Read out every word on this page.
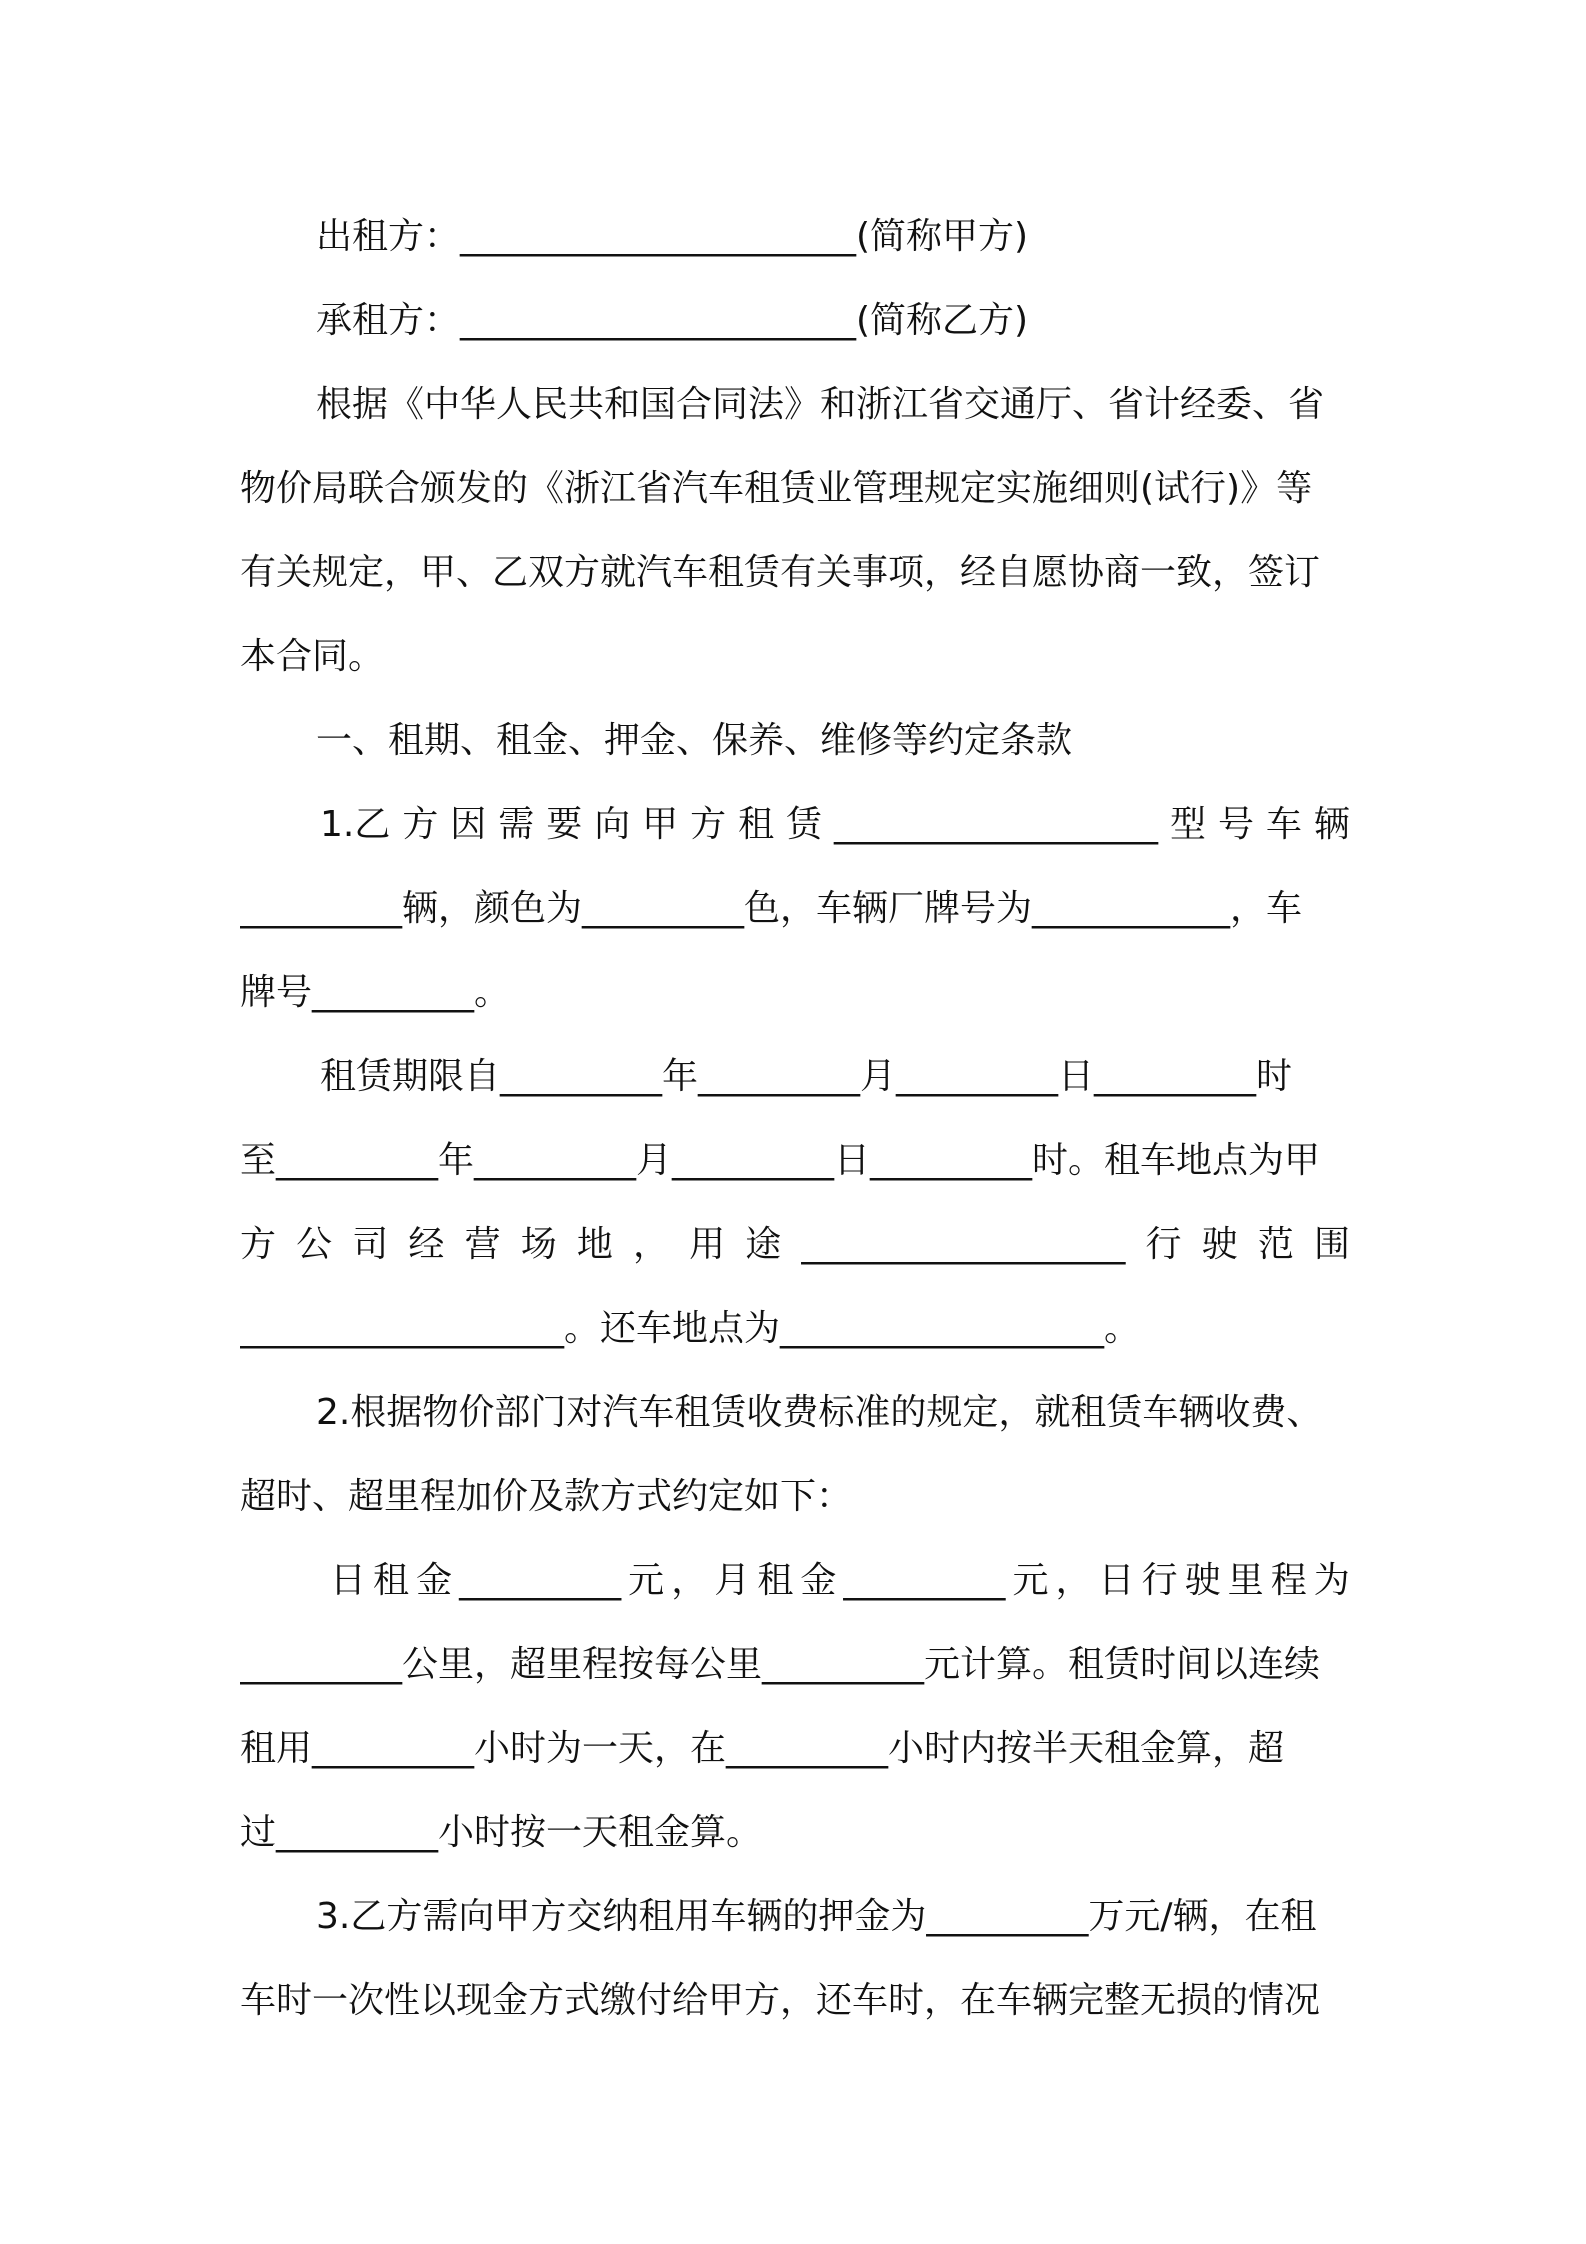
出租方：______________________(简称甲方)
承租方：______________________(简称乙方)
根据《中华人民共和国合同法》和浙江省交通厅、省计经委、省
物价局联合颁发的《浙江省汽车租赁业管理规定实施细则(试行)》等
有关规定，甲、乙双方就汽车租赁有关事项，经自愿协商一致，签订
本合同。
一、租期、租金、押金、保养、维修等约定条款
1.乙 方 因 需 要 向 甲 方 租 赁 __________________ 型 号 车 辆
_________辆，颜色为_________色，车辆厂牌号为___________，车
牌号_________。
租赁期限自_________年_________月_________日_________时
至_________年_________月_________日_________时。租车地点为甲
方 公 司 经 营 场 地 ， 用 途 __________________ 行 驶 范 围
__________________。还车地点为__________________。
2.根据物价部门对汽车租赁收费标准的规定，就租赁车辆收费、
超时、超里程加价及款方式约定如下：
日 租 金 _________ 元 ， 月 租 金 _________ 元 ， 日 行 驶 里 程 为
_________公里，超里程按每公里_________元计算。租赁时间以连续
租用_________小时为一天，在_________小时内按半天租金算，超
过_________小时按一天租金算。
3.乙方需向甲方交纳租用车辆的押金为_________万元/辆，在租
车时一次性以现金方式缴付给甲方，还车时，在车辆完整无损的情况
